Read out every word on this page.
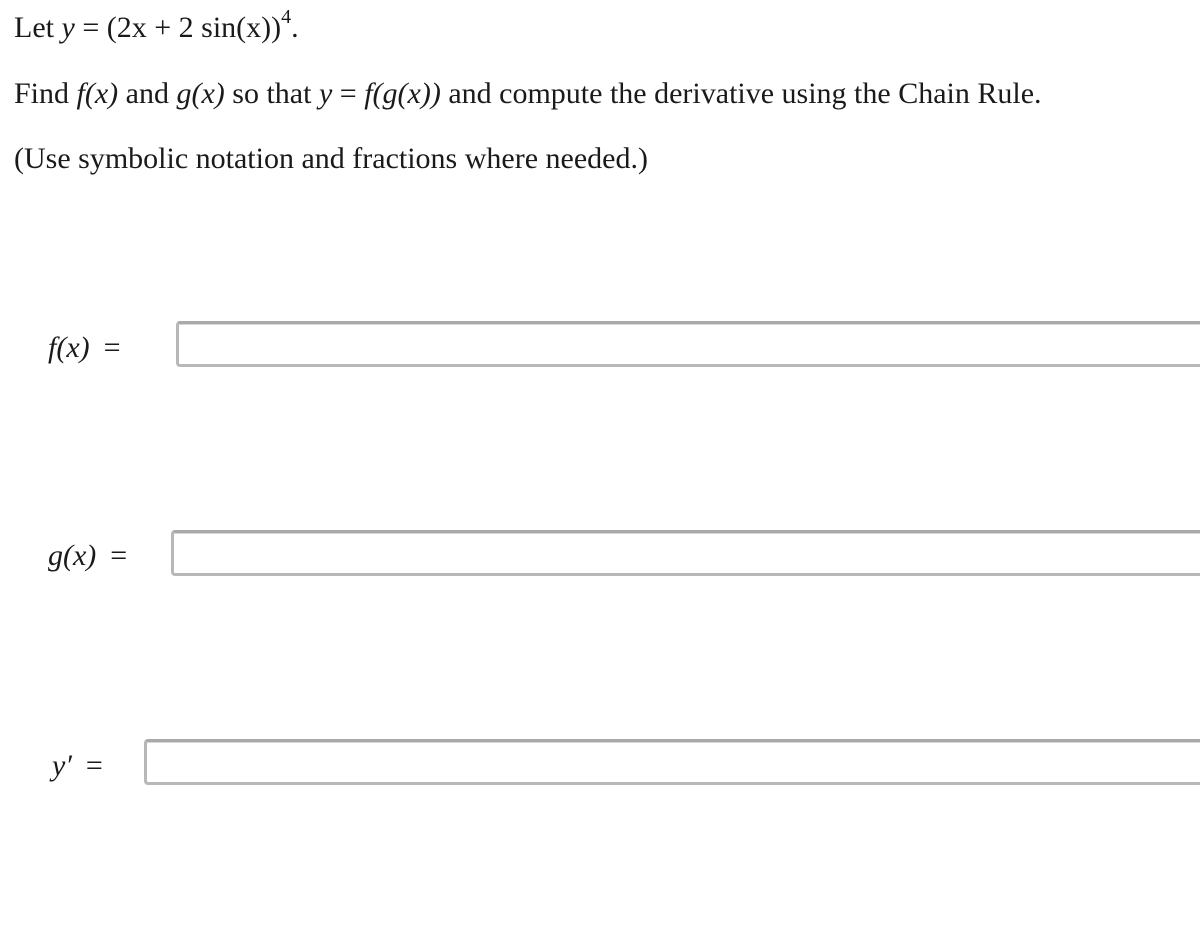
Let y = (2x + 2 sin(x))$^4$.
Find f(x) and g(x) so that y = f(g(x)) and compute the derivative using the Chain Rule.
(Use symbolic notation and fractions where needed.)
f(x) =
g(x) =
y′ =
